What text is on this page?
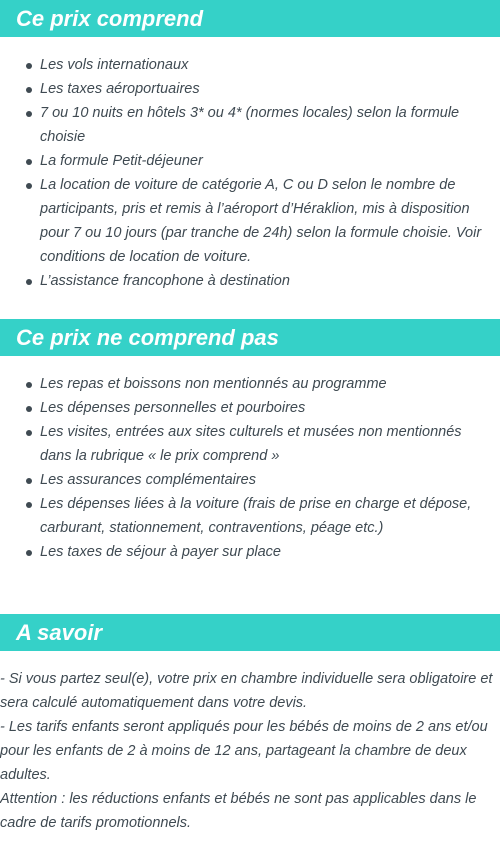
Ce prix comprend
Les vols internationaux
Les taxes aéroportuaires
7 ou 10 nuits en hôtels 3* ou 4* (normes locales) selon la formule choisie
La formule Petit-déjeuner
La location de voiture de catégorie A, C ou D selon le nombre de participants, pris et remis à l’aéroport d’Héraklion, mis à disposition pour 7 ou 10 jours (par tranche de 24h) selon la formule choisie. Voir conditions de location de voiture.
L’assistance francophone à destination
Ce prix ne comprend pas
Les repas et boissons non mentionnés au programme
Les dépenses personnelles et pourboires
Les visites, entrées aux sites culturels et musées non mentionnés dans la rubrique « le prix comprend »
Les assurances complémentaires
Les dépenses liées à la voiture (frais de prise en charge et dépose, carburant, stationnement, contraventions, péage etc.)
Les taxes de séjour à payer sur place
A savoir

- Si vous partez seul(e), votre prix en chambre individuelle sera obligatoire et sera calculé automatiquement dans votre devis.

- Les tarifs enfants seront appliqués pour les bébés de moins de 2 ans et/ou pour les enfants de 2 à moins de 12 ans, partageant la chambre de deux adultes.

Attention : les réductions enfants et bébés ne sont pas applicables dans le cadre de tarifs promotionnels.
